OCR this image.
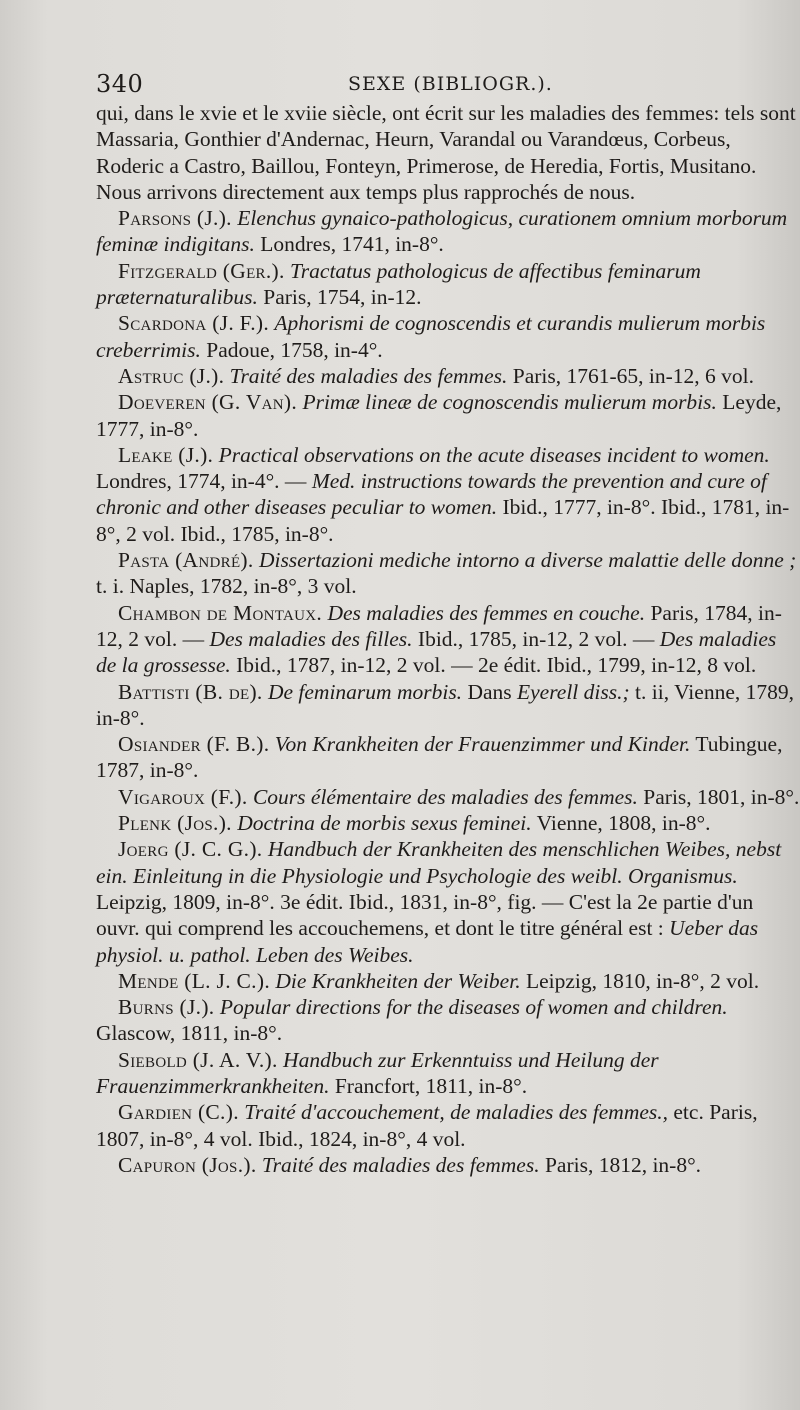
340	SEXE (BIBLIOGR.).

qui, dans le xvie et le xviie siècle, ont écrit sur les maladies des femmes: tels sont Massaria, Gonthier d'Andernac, Heurn, Varandal ou Varandœus, Corbeus, Roderic a Castro, Baillou, Fonteyn, Primerose, de Heredia, Fortis, Musitano. Nous arrivons directement aux temps plus rapprochés de nous.

Parsons (J.). Elenchus gynaico-pathologicus, curationem omnium morborum feminæ indigitans. Londres, 1741, in-8°.

Fitzgerald (Ger.). Tractatus pathologicus de affectibus feminarum præternaturalibus. Paris, 1754, in-12.

Scardona (J. F.). Aphorismi de cognoscendis et curandis mulierum morbis creberrimis. Padoue, 1758, in-4°.

Astruc (J.). Traité des maladies des femmes. Paris, 1761-65, in-12, 6 vol.

Doeveren (G. Van). Primæ lineæ de cognoscendis mulierum morbis. Leyde, 1777, in-8°.

Leake (J.). Practical observations on the acute diseases incident to women. Londres, 1774, in-4°. — Med. instructions towards the prevention and cure of chronic and other diseases peculiar to women. Ibid., 1777, in-8°. Ibid., 1781, in-8°, 2 vol. Ibid., 1785, in-8°.

Pasta (André). Dissertazioni mediche intorno a diverse malattie delle donne ; t. i. Naples, 1782, in-8°, 3 vol.

Chambon de Montaux. Des maladies des femmes en couche. Paris, 1784, in-12, 2 vol. — Des maladies des filles. Ibid., 1785, in-12, 2 vol. — Des maladies de la grossesse. Ibid., 1787, in-12, 2 vol. — 2e édit. Ibid., 1799, in-12, 8 vol.

Battisti (B. de). De feminarum morbis. Dans Eyerell diss.; t. ii, Vienne, 1789, in-8°.

Osiander (F. B.). Von Krankheiten der Frauenzimmer und Kinder. Tubingue, 1787, in-8°.

Vigaroux (F.). Cours élémentaire des maladies des femmes. Paris, 1801, in-8°.

Plenk (Jos.). Doctrina de morbis sexus feminei. Vienne, 1808, in-8°.

Joerg (J. C. G.). Handbuch der Krankheiten des menschlichen Weibes, nebst ein. Einleitung in die Physiologie und Psychologie des weibl. Organismus. Leipzig, 1809, in-8°. 3e édit. Ibid., 1831, in-8°, fig. — C'est la 2e partie d'un ouvr. qui comprend les accouchemens, et dont le titre général est : Ueber das physiol. u. pathol. Leben des Weibes.

Mende (L. J. C.). Die Krankheiten der Weiber. Leipzig, 1810, in-8°, 2 vol.

Burns (J.). Popular directions for the diseases of women and children. Glascow, 1811, in-8°.

Siebold (J. A. V.). Handbuch zur Erkenntuiss und Heilung der Frauenzimmerkrankheiten. Francfort, 1811, in-8°.

Gardien (C.). Traité d'accouchement, de maladies des femmes., etc. Paris, 1807, in-8°, 4 vol. Ibid., 1824, in-8°, 4 vol.

Capuron (Jos.). Traité des maladies des femmes. Paris, 1812, in-8°.
